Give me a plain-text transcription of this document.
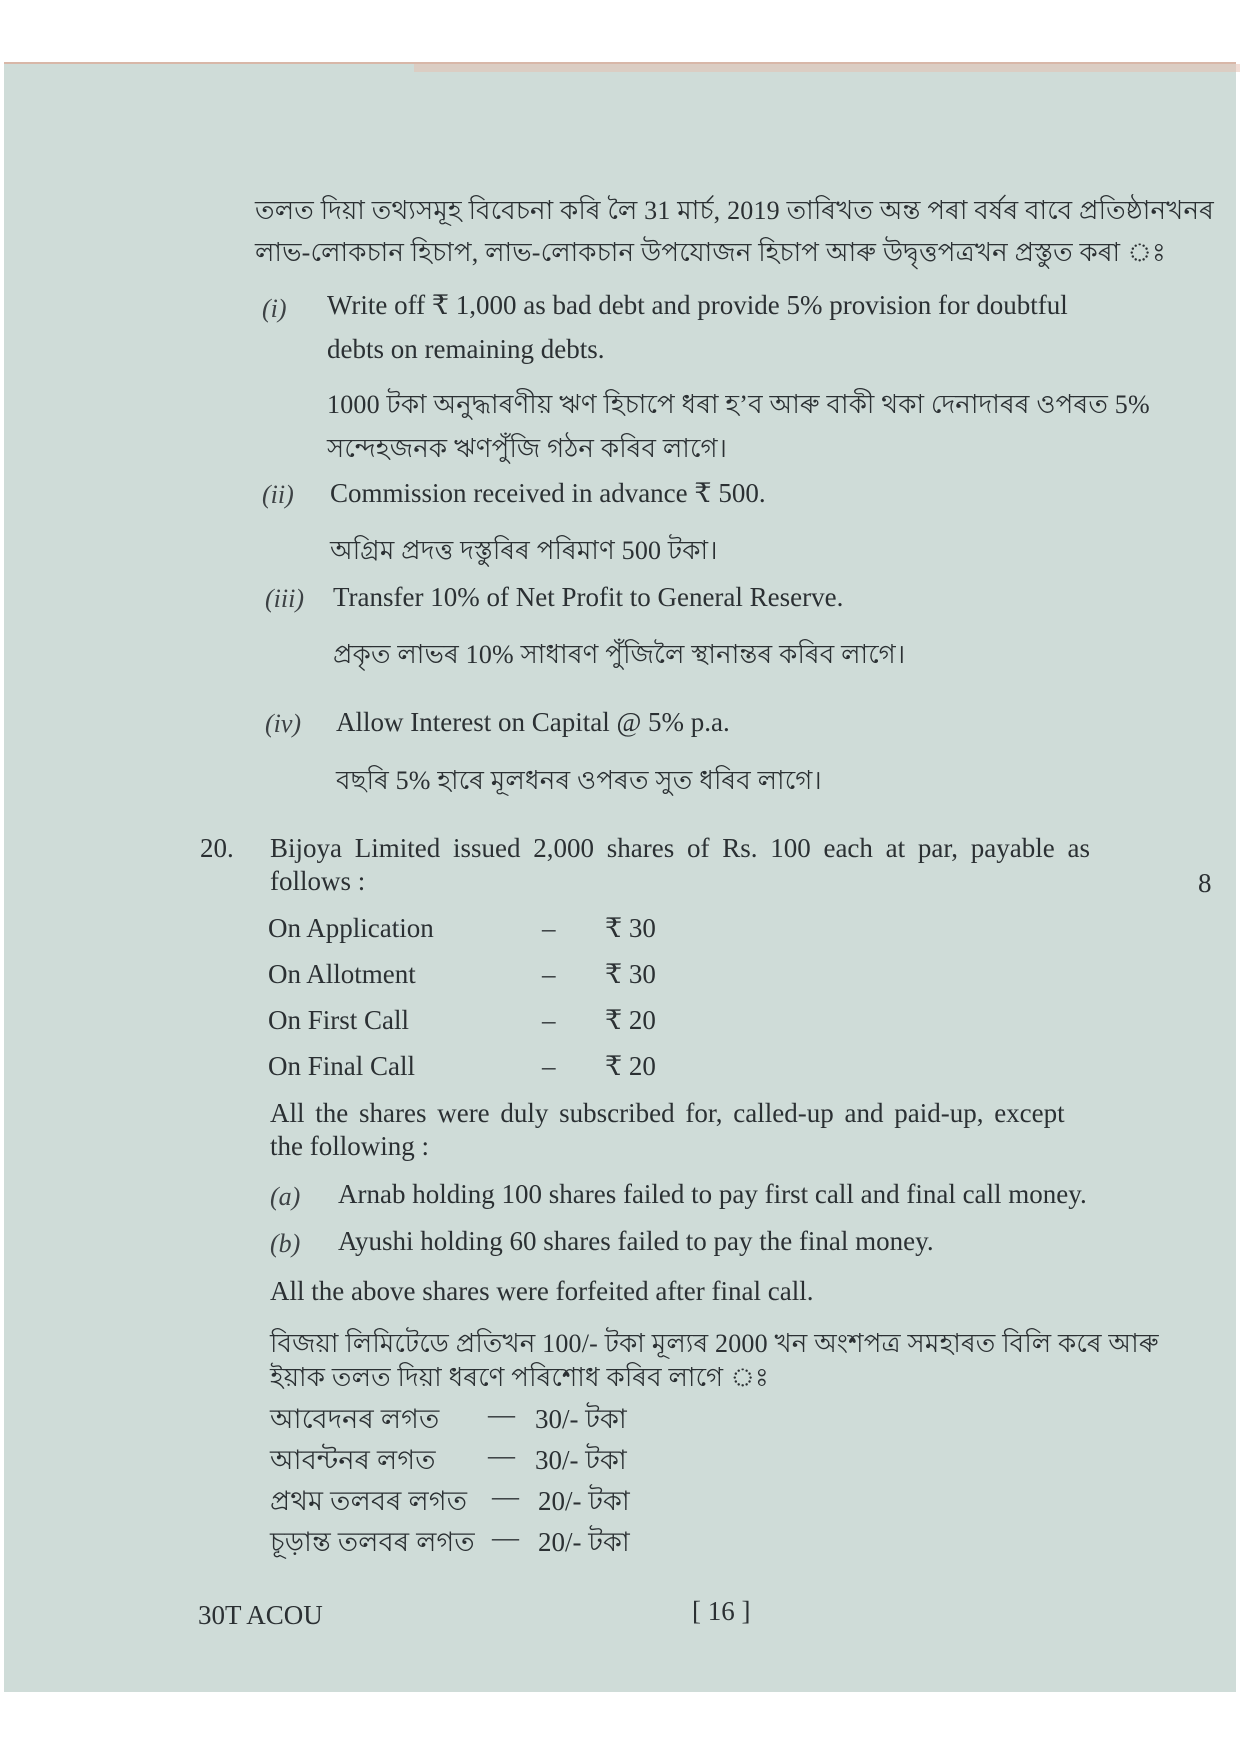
তলত দিয়া তথ্যসমূহ বিবেচনা কৰি লৈ 31 মাৰ্চ, 2019 তাৰিখত অন্ত পৰা বৰ্ষৰ বাবে প্ৰতিষ্ঠানখনৰ
লাভ-লোকচান হিচাপ, লাভ-লোকচান উপযোজন হিচাপ আৰু উদ্বৃত্তপত্ৰখন প্ৰস্তুত কৰা ঃ
(i) Write off ₹ 1,000 as bad debt and provide 5% provision for doubtful
debts on remaining debts.
1000 টকা অনুদ্ধাৰণীয় ঋণ হিচাপে ধৰা হ’ব আৰু বাকী থকা দেনাদাৰৰ ওপৰত 5%
সন্দেহজনক ঋণপুঁজি গঠন কৰিব লাগে।
(ii) Commission received in advance ₹ 500.
অগ্ৰিম প্ৰদত্ত দস্তুৰিৰ পৰিমাণ 500 টকা।
(iii) Transfer 10% of Net Profit to General Reserve.
প্ৰকৃত লাভৰ 10% সাধাৰণ পুঁজিলৈ স্থানান্তৰ কৰিব লাগে।
(iv) Allow Interest on Capital @ 5% p.a.
বছৰি 5% হাৰে মূলধনৰ ওপৰত সুত ধৰিব লাগে।
20. Bijoya Limited issued 2,000 shares of Rs. 100 each at par, payable as
follows :	8
On Application	– ₹ 30
On Allotment	– ₹ 30
On First Call	– ₹ 20
On Final Call	– ₹ 20
All the shares were duly subscribed for, called-up and paid-up, except
the following :
(a) Arnab holding 100 shares failed to pay first call and final call money.
(b) Ayushi holding 60 shares failed to pay the final money.
All the above shares were forfeited after final call.
বিজয়া লিমিটেডে প্ৰতিখন 100/- টকা মূল্যৰ 2000 খন অংশপত্ৰ সমহাৰত বিলি কৰে আৰু
ইয়াক তলত দিয়া ধৰণে পৰিশোধ কৰিব লাগে ঃ
আবেদনৰ লগত — 30/- টকা
আবন্টনৰ লগত — 30/- টকা
প্ৰথম তলবৰ লগত — 20/- টকা
চূড়ান্ত তলবৰ লগত — 20/- টকা
30T ACOU	[ 16 ]
